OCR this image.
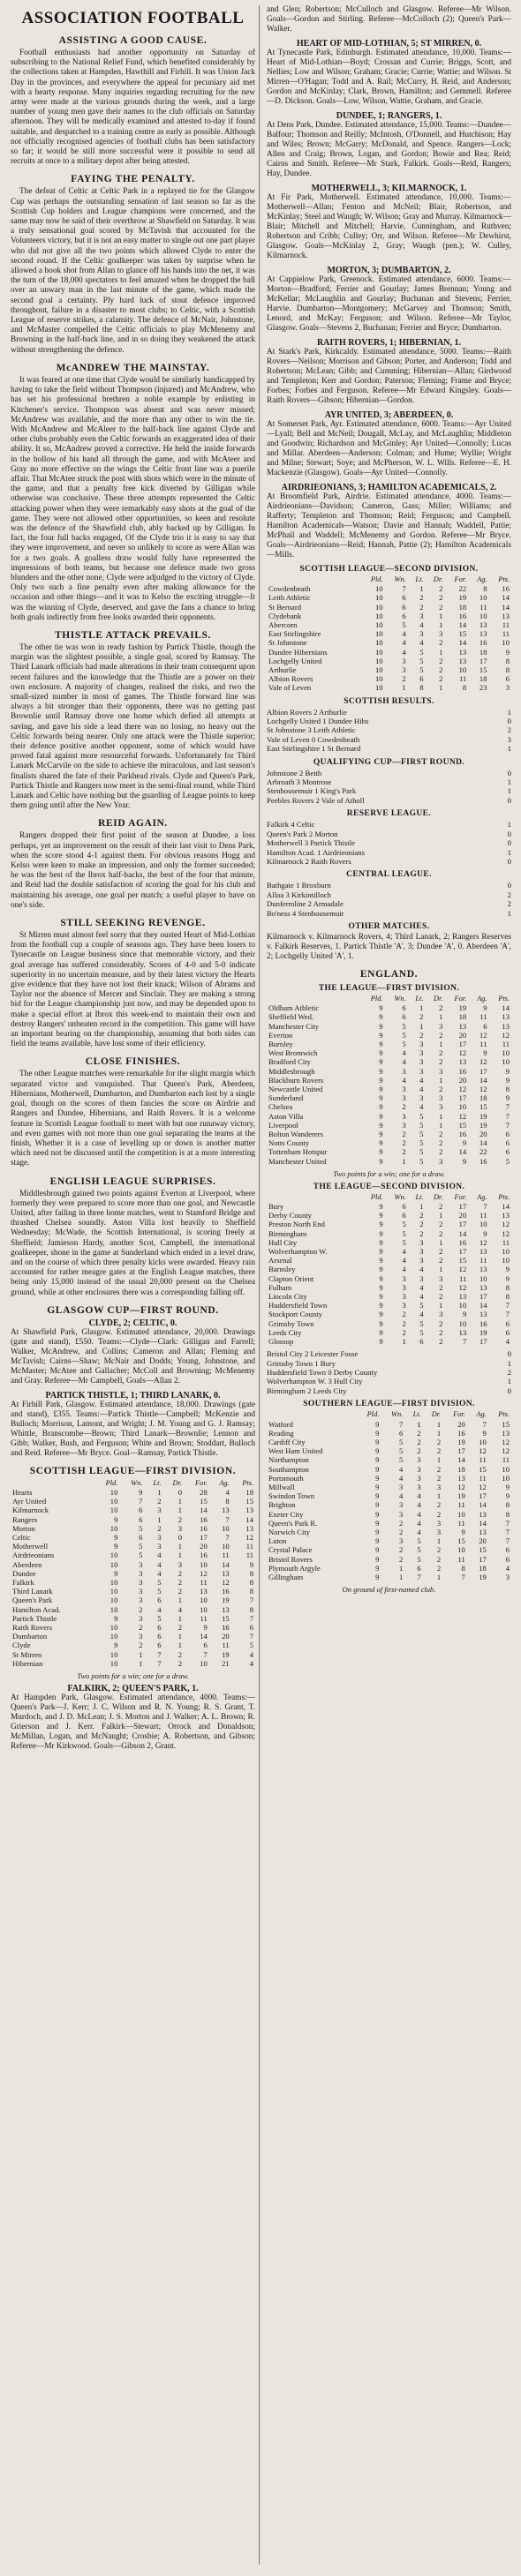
ASSOCIATION FOOTBALL
ASSISTING A GOOD CAUSE.

Football enthusiasts had another opportunity on Saturday of subscribing to the National Relief Fund, which benefited considerably by the collections taken at Hampden, Hawthill and Firhill. It was Union Jack Day in the provinces, and everywhere the appeal for pecuniary aid met with a hearty response. Many inquiries regarding recruiting for the new army were made at the various grounds during the week, and a large number of young men gave their names to the club officials on Saturday afternoon. They will be medically examined and attested to-day if found suitable, and despatched to a training centre as early as possible. Although not officially recognised agencies of football clubs has been satisfactory so far; it would be still more successful were it possible to send all recruits at once to a military depot after being attested.

FAYING THE PENALTY.

The defeat of Celtic at Celtic Park in a replayed tie for the Glasgow Cup was perhaps the outstanding sensation of last season so far as the Scottish Cup holders and League champions were concerned, and the same may now be said of their overthrow at Shawfield on Saturday. It was a truly sensational goal scored by McTavish that accounted for the Volunteers victory, but it is not an easy matter to single out one part player who did not give all the two points which allowed Clyde to enter the second round. If the Celtic goalkeeper was taken by surprise when he allowed a hook shot from Allan to glance off his hands into the net, it was the turn of the 18,000 spectators to feel amazed when he dropped the ball over an unwary man in the last minute of the game, which made the second goal a certainty. Ply hard luck of stout defence improved throughout, failure in a disaster to most clubs; to Celtic, with a Scottish League of reserve strikes, a calamity. The defence of McNair, Johnstone, and McMaster compelled the Celtic officials to play McMenemy and Browning in the half-back line, and in so doing they weakened the attack without strengthening the defence.

McANDREW THE MAINSTAY.

It was feared at one time that Clyde would be similarly handicapped by having to take the field without Thompson (injured) and McAndrew, who has set his professional brethren a noble example by enlisting in Kitchener's service. Thompson was absent and was never missed; McAndrew was available, and the more than any other to win the tie. With McAndrew and McAleer to the half-back line against Clyde and other clubs probably even the Celtic forwards an exaggerated idea of their ability. It so, McAndrew proved a corrective. He held the inside forwards in the hollow of his hand all through the game, and with McAteer and Gray no more effective on the wings the Celtic front line was a puerile affair. That McAtee struck the post with shots which were in the minute of the game, and that a penalty free kick diverted by Gilligan while otherwise was conclusive. These three attempts represented the Celtic attacking power when they were remarkably easy shots at the goal of the game. They were not allowed other opportunities, so keen and resolute was the defence of the Shawfield club, ably backed up by Gilligan. In fact, the four full backs engaged, Of the Clyde trio it is easy to say that they were improvement, and never so unlikely to score as were Allan was for a two goals. A goalless draw would fully have represented the impressions of both teams, but because one defence made two gross blunders and the other none, Clyde were adjudged to the victory of Clyde. Only two such a fine penalty even after making allowance for the occasion and other things—and it was to Kelso the exciting struggle—It was the winning of Clyde, deserved, and gave the fans a chance to bring both goals indirectly from free looks awarded their opponents.

THISTLE ATTACK PREVAILS.

The other tie was won in ready fashion by Partick Thistle, though the margin was the slightest possible, a single goal, scored by Ramsay. The Third Lanark officials had made alterations in their team consequent upon recent failures and the knowledge that the Thistle are a power on their own enclosure. A majority of changes, realised the risks, and two the small-sized number in most of games. The Thistle forward line was always a bit stronger than their opponents, there was no getting past Brownlie until Ramsay drove one home which defied all attempts at saving, and gave his side a lead there was no losing, no heavy out the Celtic forwards being nearer. Only one attack were the Thistle superior; their defence positive another opponent, some of which would have proved fatal against more resourceful forwards. Unfortunately for Third Lanark McCarvile on the side to achieve the miraculous, and last season's finalists shared the fate of their Parkhead rivals. Clyde and Queen's Park, Partick Thistle and Rangers now meet in the semi-final round, while Third Lanark and Celtic have nothing but the guarding of League points to keep them going until after the New Year.

REID AGAIN.

Rangers dropped their first point of the season at Dundee, a loss perhaps, yet an improvement on the result of their last visit to Dens Park, when the score stood 4-1 against them. For obvious reasons Hogg and Kelso were keen to make an impression, and only the former succeeded; he was the best of the Ibrox half-backs, the best of the four that minute, and Reid had the double satisfaction of scoring the goal for his club and maintaining his average, one goal per match; a useful player to have on one's side.

STILL SEEKING REVENGE.

St Mirren must almost feel sorry that they ousted Heart of Mid-Lothian from the football cup a couple of seasons ago. They have been losers to Tynecastle on League business since that memorable victory, and their goal average has suffered considerably. Scores of 4-0 and 5-0 indicate superiority in no uncertain measure, and by their latest victory the Hearts give evidence that they have not lost their knack; Wilson of Abrams and Taylor nor the absence of Mercer and Sinclair. They are making a strong bid for the League championship just now, and may be depended upon to make a special effort at Ibrox this week-end to maintain their own and destroy Rangers' unbeaten record in the competition. This game will have an important bearing on the championship, assuming that both sides can field the teams available, have lost some of their efficiency.

CLOSE FINISHES.

The other League matches were remarkable for the slight margin which separated victor and vanquished. That Queen's Park, Aberdeen, Hibernians, Motherwell, Dumbarton, and Dumbarton each lost by a single goal, though on the scores of them fancies the score on Airdrie and Rangers and Dundee, Hibernians, and Raith Rovers. It is a welcome feature in Scottish League football to meet with but one runaway victory, and even games with not more than one goal separating the teams at the finish, Whether it is a case of levelling up or down is another matter which need not be discussed until the competition is at a more interesting stage.

ENGLISH LEAGUE SURPRISES.

Middlesbrough gained two points against Everton at Liverpool, where formerly they were prepared to score more than one goal, and Newcastle United, after failing in three home matches, went to Stamford Bridge and thrashed Chelsea soundly. Aston Villa lost heavily to Sheffield Wednesday; McWade, the Scottish International, is scoring freely at Sheffield; Jamieson Hardy, another Scot, Campbell, the international goalkeeper, shone in the game at Sunderland which ended in a level draw, and on the course of which three penalty kicks were awarded. Heavy rain accounted for rather meagre gates at the English League matches, there being only 15,000 instead of the usual 20,000 present on the Chelsea ground, while at other enclosures there was a corresponding falling off.

GLASGOW CUP—FIRST ROUND.
CLYDE, 2; CELTIC, 0.
At Shawfield Park, Glasgow. Estimated attendance, 20,000. Drawings (gate and stand), £550. Teams:—Clyde—Clark: Gilligan and Farrell; Walker, McAndrew, and Collins; Cameron and Allan; Fleming and McTavish; Cairns—Shaw; McNair and Dodds; Young, Johnstone, and McMaster; McAtee and Gallacher; McColl and Browning; McMenemy and Gray. Referee—Mr Campbell, Goals—Allan 2.
PARTICK THISTLE, 1; THIRD LANARK, 0.
At Firhill Park, Glasgow. Estimated attendance, 18,000. Drawings (gate and stand), £355. Teams:—Partick Thistle—Campbell; McKenzie and Bulloch; Morrison, Lamont, and Wright; J. M. Young and G. J. Ramsay; Whittle, Branscombe—Brown; Third Lanark—Brownlie; Lennon and Gibb; Walker, Bush, and Ferguson; White and Brown; Stoddart, Bulloch and Reid. Referee—Mr Bryce. Goal—Ramsay, Partick Thistle.
SCOTTISH LEAGUE—FIRST DIVISION.
	Pld.	Wn.	Lt.	Dr.	For.	Ag.	Pts.
Hearts	10	9	1	0	28	4	18
Ayr United	10	7	2	1	15	8	15
Kilmarnock	10	6	3	1	14	13	13
Rangers	9	6	1	2	16	7	14
Morton	10	5	2	3	16	10	13
Celtic	9	6	3	0	17	7	12
Motherwell	9	5	3	1	20	10	11
Airdrieonians	10	5	4	1	16	11	11
Aberdeen	10	3	4	3	10	14	9
Dundee	9	3	4	2	12	13	8
Falkirk	10	3	5	2	11	12	8
Third Lanark	10	3	5	2	13	16	8
Queen's Park	10	3	6	1	10	19	7
Hamilton Acad.	10	2	4	4	10	13	8
Partick Thistle	9	3	5	1	11	15	7
Raith Rovers	10	2	6	2	9	16	6
Dumbarton	10	3	6	1	14	20	7
Clyde	9	2	6	1	6	11	5
St Mirren	10	1	7	2	7	19	4
Hibernian	10	1	7	2	10	21	4
Two points for a win; one for a draw.
FALKIRK, 2; QUEEN'S PARK, 1.
At Hampden Park, Glasgow. Estimated attendance, 4000. Teams:—Queen's Park—J. Kerr; J. C. Wilson and R. N. Young; R. S. Grant, T. Murdoch, and J. D. McLean; J. S. Morton and J. Walker; A. L. Brown; R. Grierson and J. Kerr. Falkirk—Stewart; Orrock and Donaldson; McMillan, Logan, and McNaught; Crosbie; A. Robertson, and Gibson; Referee—Mr Kirkwood. Goals—Gibson 2, Grant.
and Glen; Robertson; McCulloch and Glasgow. Referee—Mr Wilson. Goals—Gordon and Stirling. Referee—McColloch (2); Queen's Park—Walker.
HEART OF MID-LOTHIAN, 5; ST MIRREN, 0.
At Tynecastle Park, Edinburgh. Estimated attendance, 10,000. Teams:—Heart of Mid-Lothian—Boyd; Crossan and Currie; Briggs, Scott, and Nellies; Low and Wilson; Graham; Gracie; Currie; Wattie; and Wilson. St Mirren—O'Hagan; Todd and A. Rail; McCurry, H. Reid, and Anderson; Gordon and McKinlay; Clark, Brown, Hamilton; and Gemmell. Referee—D. Dickson. Goals—Low, Wilson, Wattie, Graham, and Gracie.
DUNDEE, 1; RANGERS, 1.
At Dens Park, Dundee. Estimated attendance, 15,000. Teams:—Dundee—Balfour; Thomson and Reilly; McIntosh, O'Donnell, and Hutchison; Hay and Wiles; Brown; McGarry; McDonald, and Spence. Rangers—Lock; Allen and Craig; Brown, Logan, and Gordon; Bowie and Rea; Reid; Cairns and Smith. Referee—Mr Stark, Falkirk. Goals—Reid, Rangers; Hay, Dundee.
MOTHERWELL, 3; KILMARNOCK, 1.
At Fir Park, Motherwell. Estimated attendance, 10,000. Teams:—Motherwell—Allan; Fenton and McNeil; Blair, Robertson, and McKinlay; Steel and Waugh; W. Wilson; Gray and Murray. Kilmarnock—Blair; Mitchell and Mitchell; Harvie, Cunningham, and Ruthven; Robertson and Cribb; Culley; Orr, and Wilson. Referee—Mr Dewhirst, Glasgow. Goals—McKinlay 2, Gray; Waugh (pen.); W. Culley, Kilmarnock.
MORTON, 3; DUMBARTON, 2.
At Cappielow Park, Greenock. Estimated attendance, 6000. Teams:—Morton—Bradford; Ferrier and Gourlay; James Brennan; Young and McKellar; McLaughlin and Gourlay; Buchanan and Stevens; Ferrier, Harvie. Dumbarton—Montgomery; McGarvey and Thomson; Smith, Lenord, and McKay; Ferguson; and Wilson. Referee—Mr Taylor, Glasgow. Goals—Stevens 2, Buchanan; Ferrier and Bryce; Dumbarton.
RAITH ROVERS, 1; HIBERNIAN, 1.
At Stark's Park, Kirkcaldy. Estimated attendance, 5000. Teams:—Raith Rovers—Neilson; Morrison and Gibson; Porter, and Anderson; Todd and Robertson; McLean; Gibb; and Cumming; Hibernian—Allan; Girdwood and Templeton; Kerr and Gordon; Paterson; Fleming; Frame and Bryce; Forbes; Forbes and Ferguson. Referee—Mr Edward Kingsley. Goals—Raith Rovers—Gibson; Hibernian—Gordon.
AYR UNITED, 3; ABERDEEN, 0.
At Somerset Park, Ayr. Estimated attendance, 6000. Teams:—Ayr United—Lyall; Bell and McNeil; Dougall, McLay, and McLaughlin; Middleton and Goodwin; Richardson and McGinley; Ayr United—Connolly; Lucas and Millar. Aberdeen—Anderson; Colman; and Hume; Wyllie; Wright and Milne; Stewart; Soye; and McPherson, W. L. Wills. Referee—E. H. Mackenzie (Glasgow). Goals—Ayr United—Connolly.
AIRDRIEONIANS, 3; HAMILTON ACADEMICALS, 2.
At Broomfield Park, Airdrie. Estimated attendance, 4000. Teams:—Airdrieonians—Davidson; Cameron, Gass; Miller; Williams; and Rafferty; Templeton and Thomson; Reid; Ferguson; and Campbell. Hamilton Academicals—Watson; Davie and Hannah; Waddell, Pattie; McPhail and Waddell; McMenemy and Gordon. Referee—Mr Bryce. Goals—Airdrieonians—Reid; Hannah, Pattie (2); Hamilton Academicals—Mills.
SCOTTISH LEAGUE—SECOND DIVISION.
	Pld.	Wn.	Lt.	Dr.	For.	Ag.	Pts.
Cowdenbeath	10	7	1	2	22	8	16
Leith Athletic	10	6	2	2	19	10	14
St Bernard	10	6	2	2	18	11	14
Clydebank	10	6	3	1	16	10	13
Abercorn	10	5	4	1	14	13	11
East Stirlingshire	10	4	3	3	15	13	11
St Johnstone	10	4	4	2	14	16	10
Dundee Hibernians	10	4	5	1	13	18	9
Lochgelly United	10	3	5	2	13	17	8
Arthurlie	10	3	5	2	10	15	8
Albion Rovers	10	2	6	2	11	18	6
Vale of Leven	10	1	8	1	8	23	3
SCOTTISH RESULTS.
Albion Rovers 2 Arthurlie	1
Lochgelly United 1 Dundee Hibs	0
St Johnstone 3 Leith Athletic	2
Vale of Leven 0 Cowdenbeath	3
East Stirlingshire 1 St Bernard	1
QUALIFYING CUP—FIRST ROUND.
Johnstone 2 Beith	0
Arbroath 3 Montrose	1
Stenhousemuir 1 King's Park	1
Peebles Rovers 2 Vale of Atholl	0
RESERVE LEAGUE.
Falkirk 4 Celtic	1
Queen's Park 2 Morton	0
Motherwell 3 Partick Thistle	0
Hamilton Acad. 1 Airdrieonians	1
Kilmarnock 2 Raith Rovers	0
CENTRAL LEAGUE.
Bathgate 1 Broxburn	0
Alloa 3 Kirkintilloch	2
Dunfermline 2 Armadale	2
Bo'ness 4 Stenhousemuir	1
OTHER MATCHES.
Kilmarnock v. Kilmarnock Rovers, 4; Third Lanark, 2; Rangers Reserves v. Falkirk Reserves, 1. Partick Thistle 'A', 3; Dundee 'A', 0. Aberdeen 'A', 2; Lochgelly United 'A', 1.
ENGLAND.
THE LEAGUE—FIRST DIVISION.
	Pld.	Wn.	Lt.	Dr.	For.	Ag.	Pts.
Oldham Athletic	9	6	1	2	19	9	14
Sheffield Wed.	9	6	2	1	18	11	13
Manchester City	9	5	1	3	13	6	13
Everton	9	5	2	2	20	12	12
Burnley	9	5	3	1	17	11	11
West Bromwich	9	4	3	2	12	9	10
Bradford City	9	4	3	2	13	12	10
Middlesbrough	9	3	3	3	16	17	9
Blackburn Rovers	9	4	4	1	20	14	9
Newcastle United	9	3	4	2	12	12	8
Sunderland	9	3	3	3	17	18	9
Chelsea	9	2	4	3	10	15	7
Aston Villa	9	3	5	1	12	19	7
Liverpool	9	3	5	1	15	19	7
Bolton Wanderers	9	2	5	2	16	20	6
Notts County	9	2	5	2	9	14	6
Tottenham Hotspur	9	2	5	2	14	22	6
Manchester United	9	1	5	3	9	16	5
Two points for a win; one for a draw.
THE LEAGUE—SECOND DIVISION.
	Pld.	Wn.	Lt.	Dr.	For.	Ag.	Pts.
Bury	9	6	1	2	17	7	14
Derby County	9	6	2	1	20	11	13
Preston North End	9	5	2	2	17	10	12
Birmingham	9	5	2	2	14	9	12
Hull City	9	5	3	1	16	12	11
Wolverhampton W.	9	4	3	2	17	13	10
Arsenal	9	4	3	2	15	11	10
Barnsley	9	4	4	1	12	13	9
Clapton Orient	9	3	3	3	11	10	9
Fulham	9	3	4	2	12	13	8
Lincoln City	9	3	4	2	13	17	8
Huddersfield Town	9	3	5	1	10	14	7
Stockport County	9	2	4	3	9	13	7
Grimsby Town	9	2	5	2	10	16	6
Leeds City	9	2	5	2	13	19	6
Glossop	9	1	6	2	7	17	4
Bristol City 2 Leicester Fosse	0
Grimsby Town 1 Bury	1
Huddersfield Town 0 Derby County	2
Wolverhampton W. 3 Hull City	1
Birmingham 2 Leeds City	0
SOUTHERN LEAGUE—FIRST DIVISION.
	Pld.	Wn.	Lt.	Dr.	For.	Ag.	Pts.
Watford	9	7	1	1	20	7	15
Reading	9	6	2	1	16	9	13
Cardiff City	9	5	2	2	19	10	12
West Ham United	9	5	2	2	17	12	12
Northampton	9	5	3	1	14	11	11
Southampton	9	4	3	2	18	15	10
Portsmouth	9	4	3	2	13	11	10
Millwall	9	3	3	3	12	12	9
Swindon Town	9	4	4	1	19	17	9
Brighton	9	3	4	2	11	14	8
Exeter City	9	3	4	2	10	13	8
Queen's Park R.	9	2	4	3	11	14	7
Norwich City	9	2	4	3	9	13	7
Luton	9	3	5	1	15	20	7
Crystal Palace	9	2	5	2	10	15	6
Bristol Rovers	9	2	5	2	11	17	6
Plymouth Argyle	9	1	6	2	8	18	4
Gillingham	9	1	7	1	7	19	3
On ground of first-named club.
